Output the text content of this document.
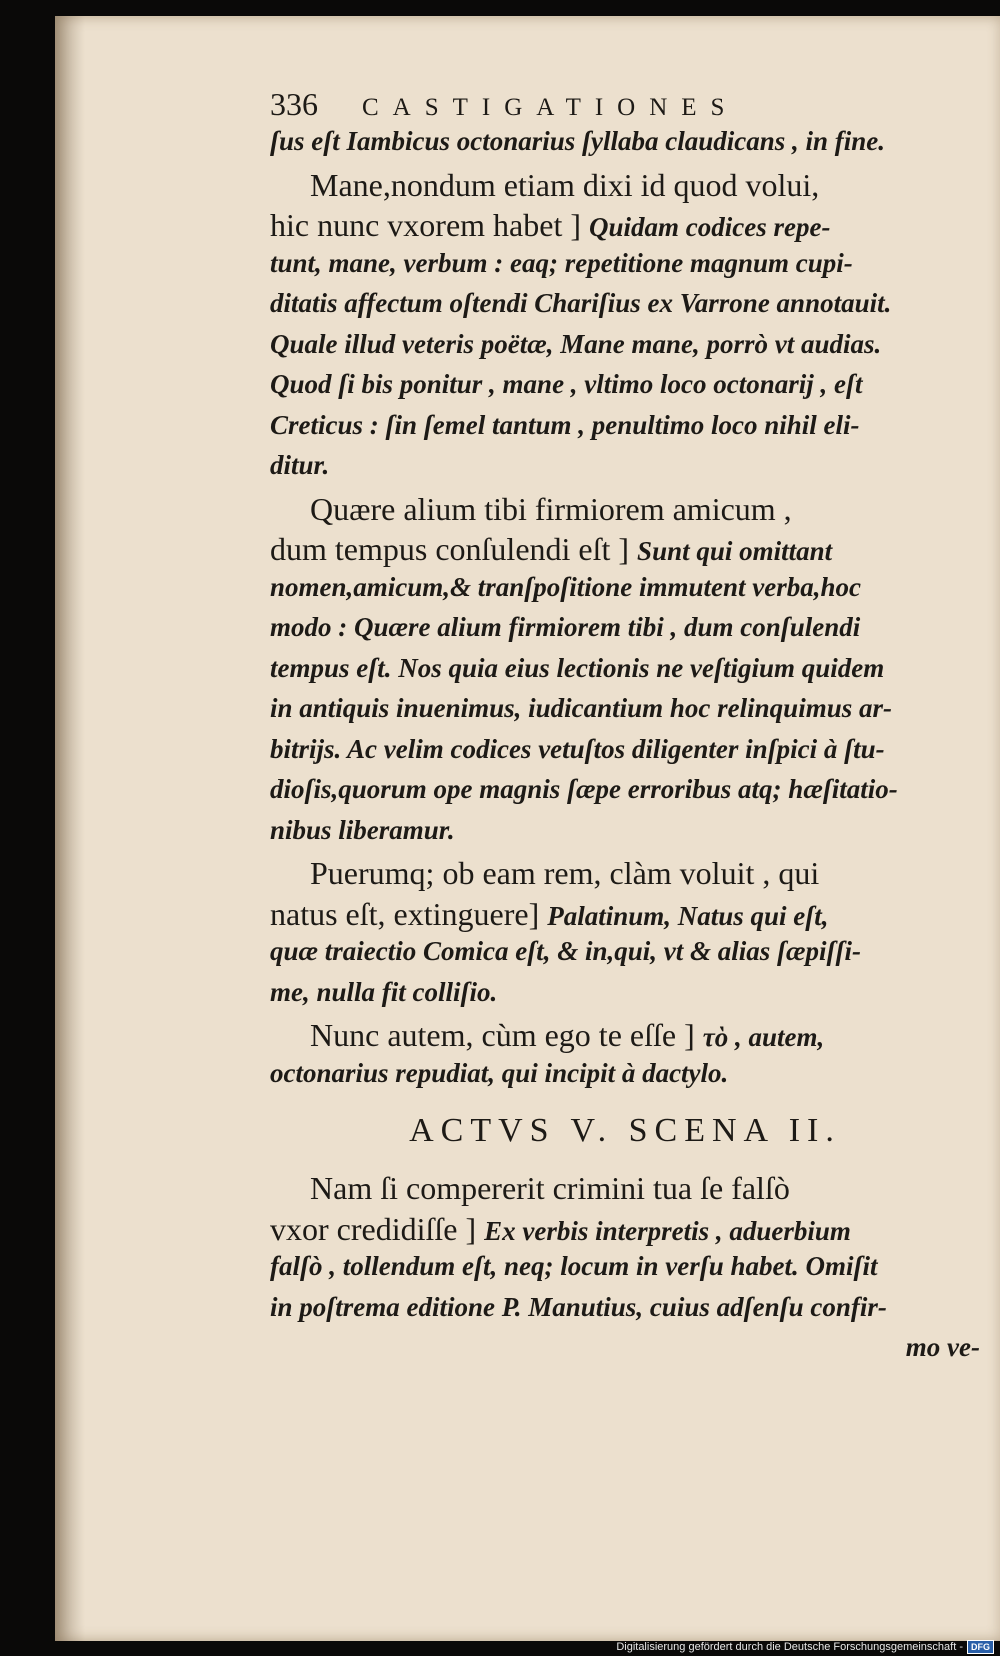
336	CASTIGATIONES
ſus eſt Iambicus octonarius ſyllaba claudicans , in fine.
Mane,nondum etiam dixi id quod volui,
hic nunc vxorem habet ] Quidam codices repe-
tunt, mane, verbum : eaq; repetitione magnum cupi-
ditatis affectum oſtendi Chariſius ex Varrone annotauit.
Quale illud veteris poëtæ, Mane mane, porrò vt audias.
Quod ſi bis ponitur , mane , vltimo loco octonarij , eſt
Creticus : ſin ſemel tantum , penultimo loco nihil eli-
ditur.
Quære alium tibi firmiorem amicum ,
dum tempus conſulendi eſt ] Sunt qui omittant
nomen,amicum,& tranſpoſitione immutent verba,hoc
modo : Quære alium firmiorem tibi , dum conſulendi
tempus eſt. Nos quia eius lectionis ne veſtigium quidem
in antiquis inuenimus, iudicantium hoc relinquimus ar-
bitrijs. Ac velim codices vetuſtos diligenter inſpici à ſtu-
dioſis,quorum ope magnis ſæpe erroribus atq; hæſitatio-
nibus liberamur.
Puerumq; ob eam rem, clàm voluit , qui
natus eſt, extinguere] Palatinum, Natus qui eſt,
quæ traiectio Comica eſt, & in,qui, vt & alias ſæpiſſi-
me, nulla fit colliſio.
Nunc autem, cùm ego te eſſe ] τὸ , autem,
octonarius repudiat, qui incipit à dactylo.
ACTVS V. SCENA II.
Nam ſi compererit crimini tua ſe falſò
vxor credidiſſe ] Ex verbis interpretis , aduerbium
falſò , tollendum eſt, neq; locum in verſu habet. Omiſit
in poſtrema editione P. Manutius, cuius adſenſu confir-
mo ve-
Digitalisierung gefördert durch die Deutsche Forschungsgemeinschaft - DFG
